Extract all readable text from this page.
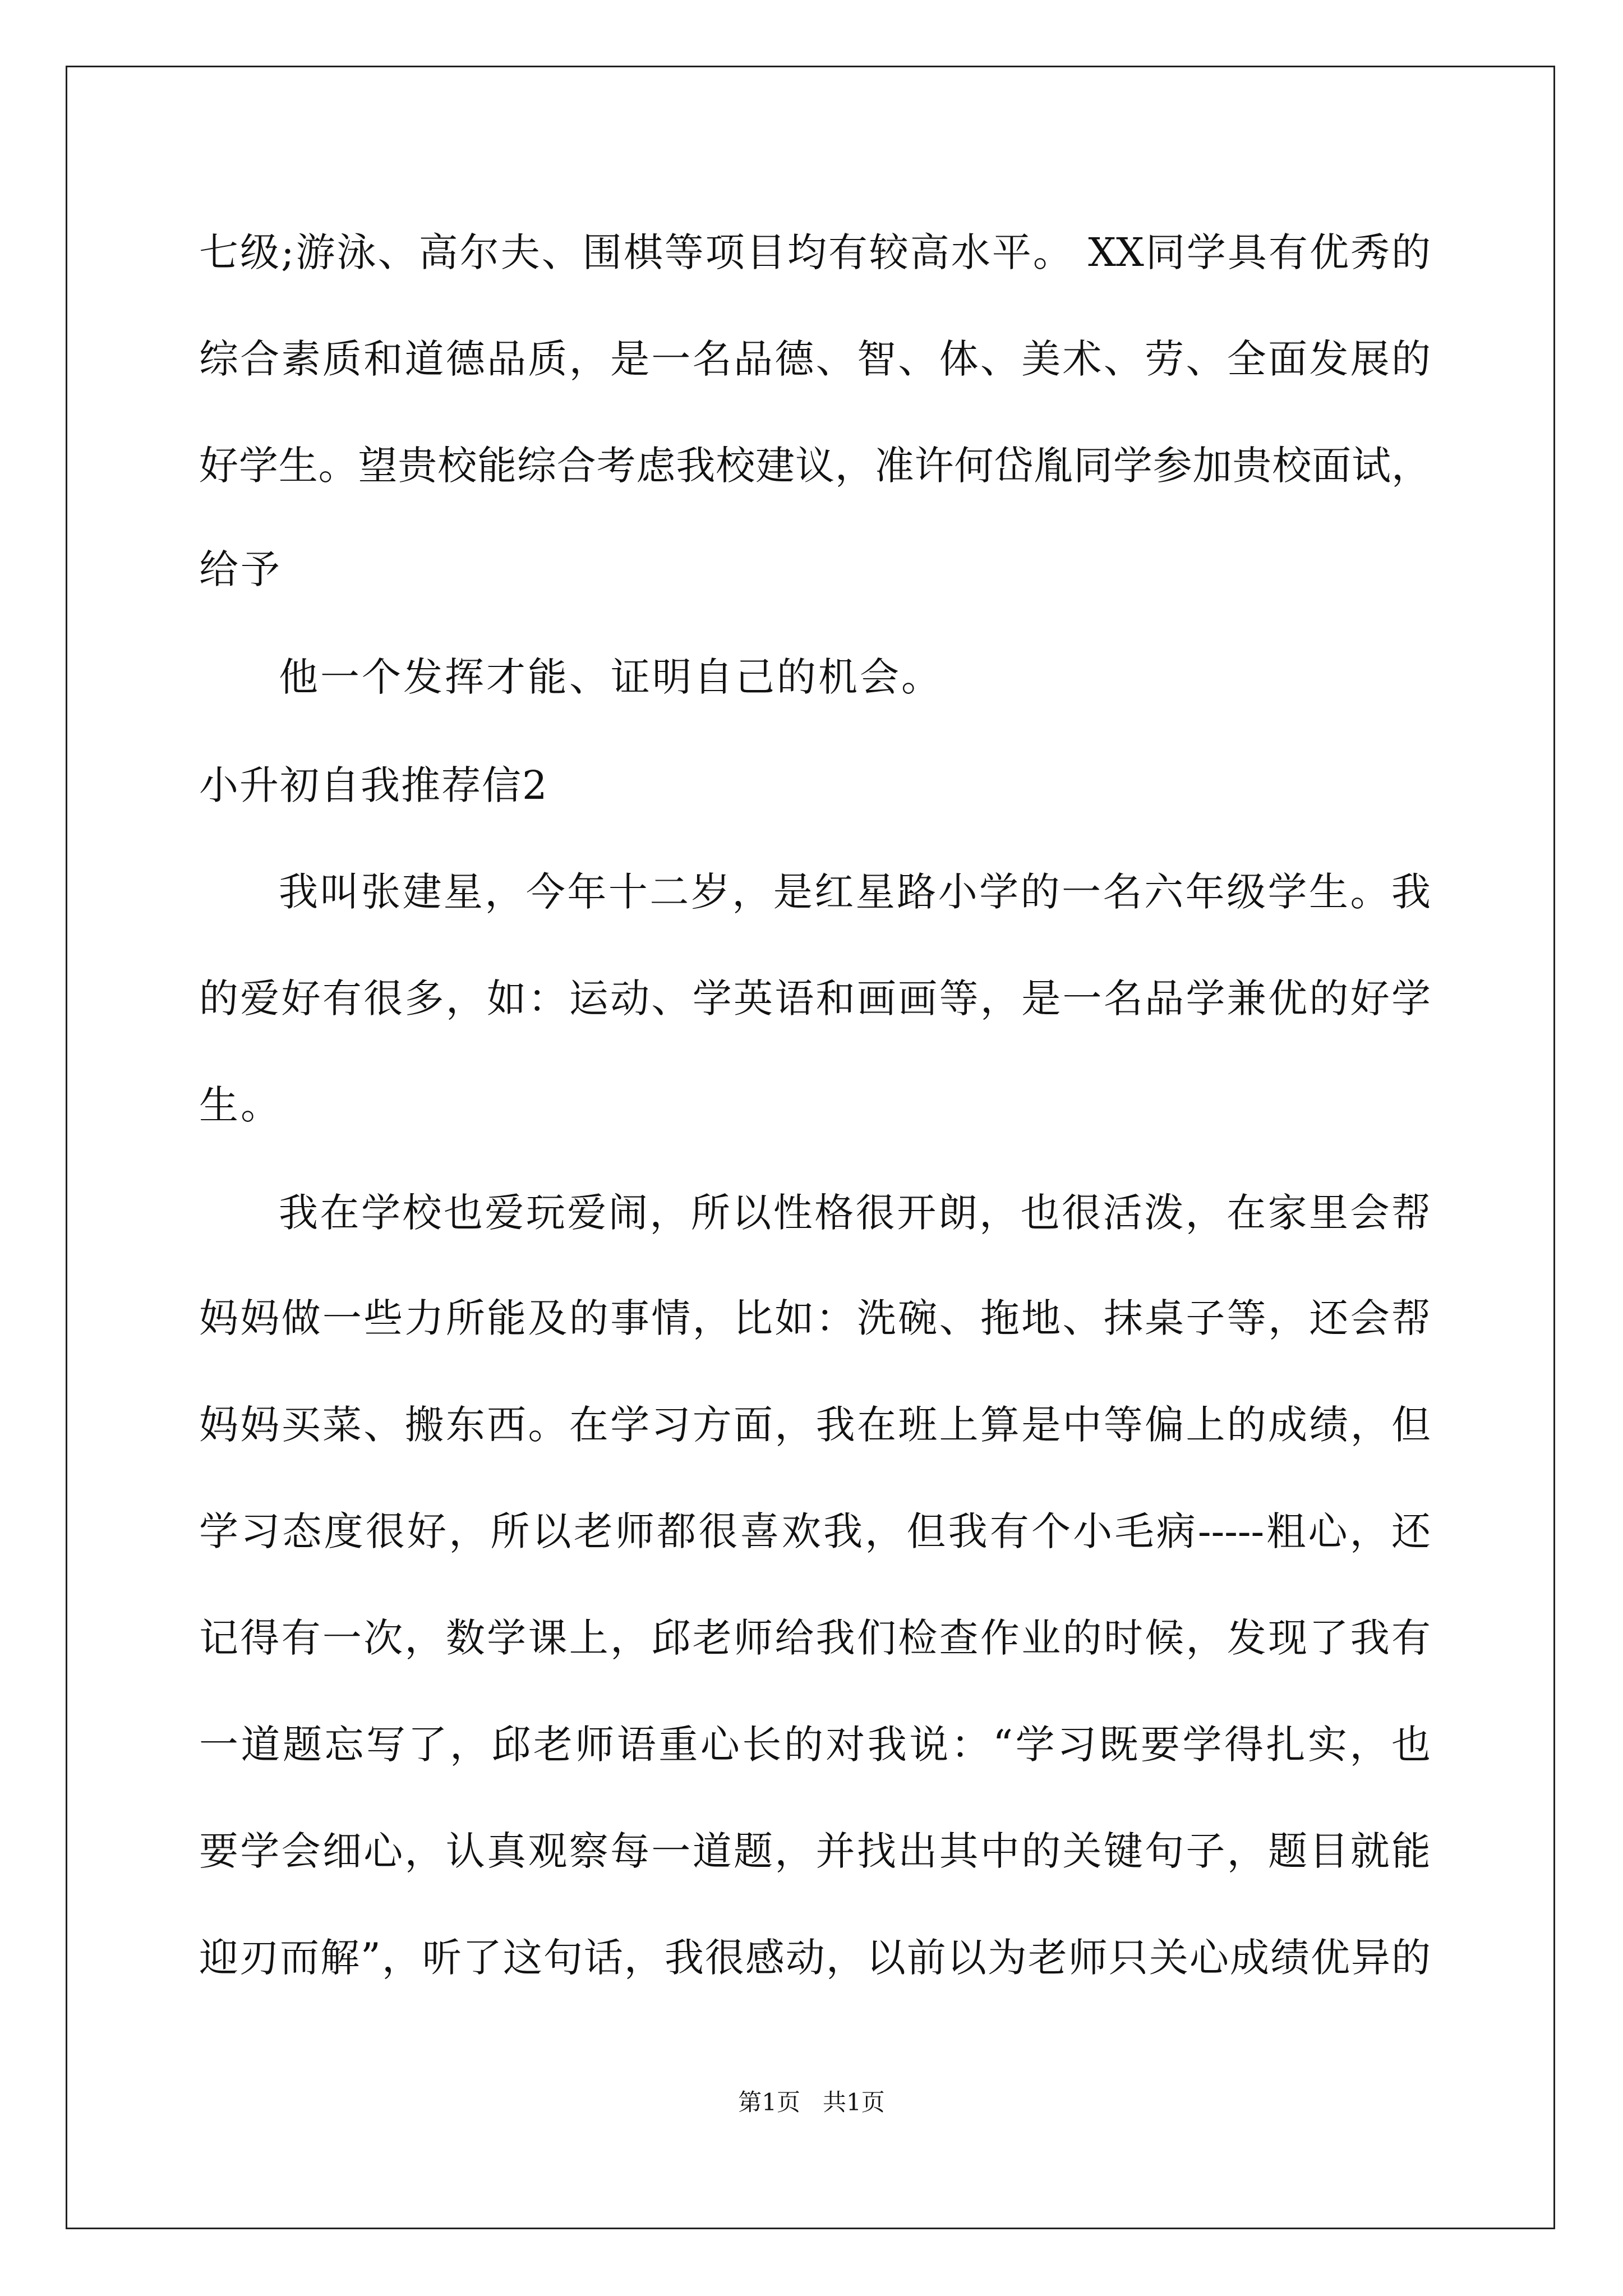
七级;游泳、高尔夫、围棋等项目均有较高水平。 XX同学具有优秀的
综合素质和道德品质，是一名品德、智、体、美术、劳、全面发展的
好学生。望贵校能综合考虑我校建议，准许何岱胤同学参加贵校面试，
给予
他一个发挥才能、证明自己的机会。
小升初自我推荐信2
我叫张建星，今年十二岁，是红星路小学的一名六年级学生。我
的爱好有很多，如：运动、学英语和画画等，是一名品学兼优的好学
生。
我在学校也爱玩爱闹，所以性格很开朗，也很活泼，在家里会帮
妈妈做一些力所能及的事情，比如：洗碗、拖地、抹桌子等，还会帮
妈妈买菜、搬东西。在学习方面，我在班上算是中等偏上的成绩，但
学习态度很好，所以老师都很喜欢我，但我有个小毛病-----粗心，还
记得有一次，数学课上，邱老师给我们检查作业的时候，发现了我有
一道题忘写了，邱老师语重心长的对我说：“学习既要学得扎实，也
要学会细心，认真观察每一道题，并找出其中的关键句子，题目就能
迎刃而解”，听了这句话，我很感动，以前以为老师只关心成绩优异的
第1页   共1页
